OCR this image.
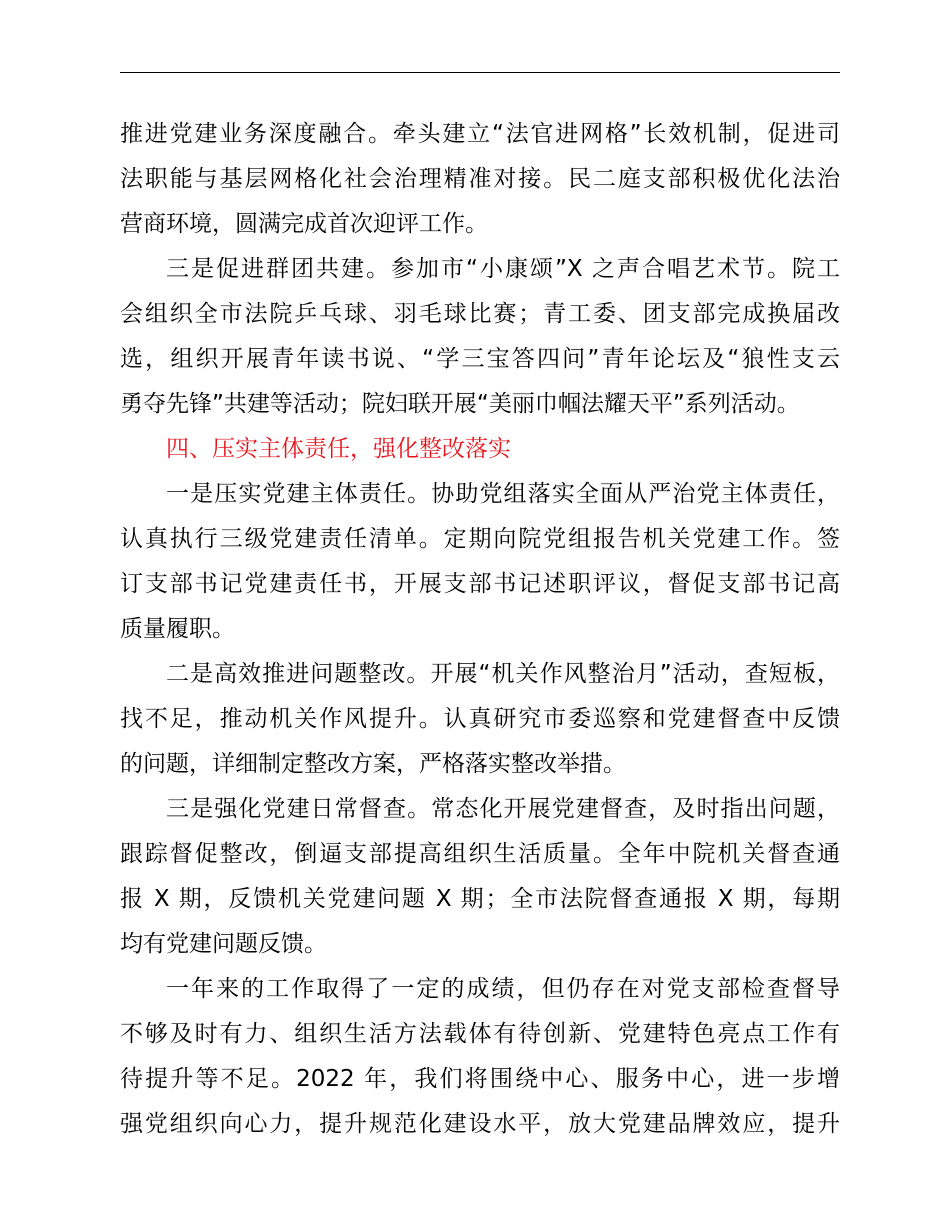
推进党建业务深度融合。牵头建立“法官进网格”长效机制，促进司
法职能与基层网格化社会治理精准对接。民二庭支部积极优化法治
营商环境，圆满完成首次迎评工作。
三是促进群团共建。参加市“小康颂”X 之声合唱艺术节。院工
会组织全市法院乒乓球、羽毛球比赛；青工委、团支部完成换届改
选，组织开展青年读书说、“学三宝答四问”青年论坛及“狼性支云
勇夺先锋”共建等活动；院妇联开展“美丽巾帼法耀天平”系列活动。
四、压实主体责任，强化整改落实
一是压实党建主体责任。协助党组落实全面从严治党主体责任，
认真执行三级党建责任清单。定期向院党组报告机关党建工作。签
订支部书记党建责任书，开展支部书记述职评议，督促支部书记高
质量履职。
二是高效推进问题整改。开展“机关作风整治月”活动，查短板，
找不足，推动机关作风提升。认真研究市委巡察和党建督查中反馈
的问题，详细制定整改方案，严格落实整改举措。
三是强化党建日常督查。常态化开展党建督查，及时指出问题，
跟踪督促整改，倒逼支部提高组织生活质量。全年中院机关督查通
报 X 期，反馈机关党建问题 X 期；全市法院督查通报 X 期，每期
均有党建问题反馈。
一年来的工作取得了一定的成绩，但仍存在对党支部检查督导
不够及时有力、组织生活方法载体有待创新、党建特色亮点工作有
待提升等不足。2022 年，我们将围绕中心、服务中心，进一步增
强党组织向心力，提升规范化建设水平，放大党建品牌效应，提升
